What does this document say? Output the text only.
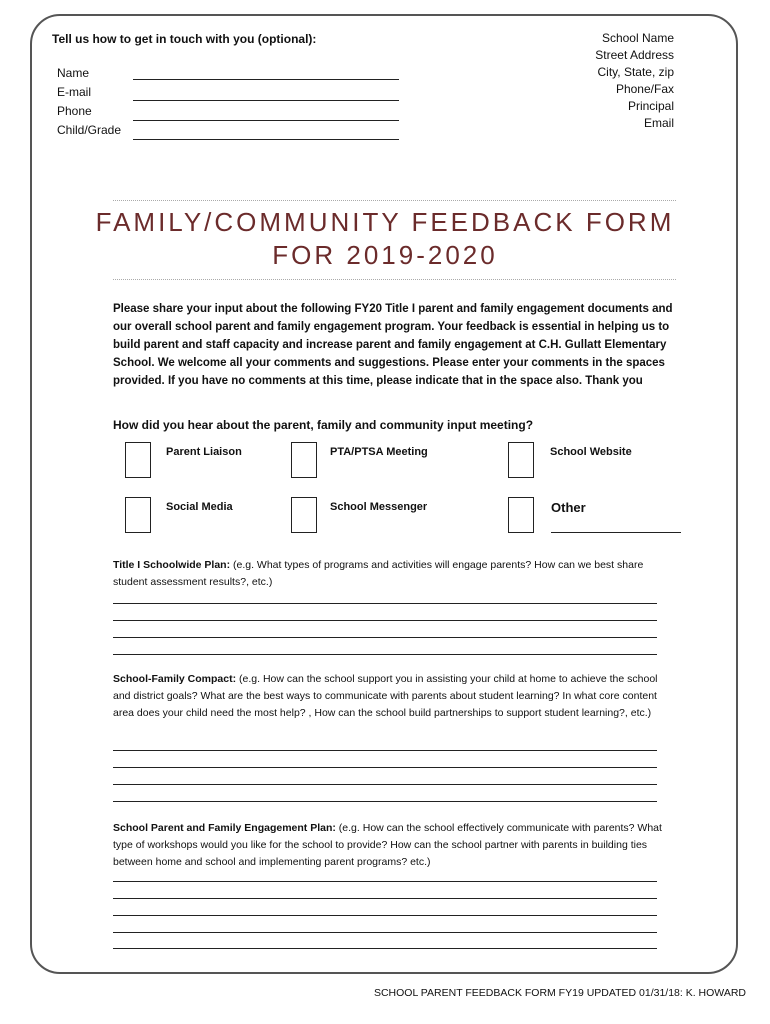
Tell us how to get in touch with you (optional):
Name
E-mail
Phone
Child/Grade
School Name
Street Address
City, State, zip
Phone/Fax
Principal
Email
FAMILY/COMMUNITY FEEDBACK FORM
FOR 2019-2020
Please share your input about the following FY20 Title I parent and family engagement documents and our overall school parent and family engagement program. Your feedback is essential in helping us to build parent and staff capacity and increase parent and family engagement at C.H. Gullatt Elementary School. We welcome all your comments and suggestions. Please enter your comments in the spaces provided. If you have no comments at this time, please indicate that in the space also. Thank you
How did you hear about the parent, family and community input meeting?
Parent Liaison	PTA/PTSA Meeting	School Website
Social Media	School Messenger	Other
Title I Schoolwide Plan: (e.g. What types of programs and activities will engage parents? How can we best share student assessment results?, etc.)
School-Family Compact: (e.g. How can the school support you in assisting your child at home to achieve the school and district goals? What are the best ways to communicate with parents about student learning? In what core content area does your child need the most help? , How can the school build partnerships to support student learning?, etc.)
School Parent and Family Engagement Plan: (e.g. How can the school effectively communicate with parents? What type of workshops would you like for the school to provide? How can the school partner with parents in building ties between home and school and implementing parent programs? etc.)
SCHOOL PARENT FEEDBACK FORM FY19 UPDATED 01/31/18: K. HOWARD
